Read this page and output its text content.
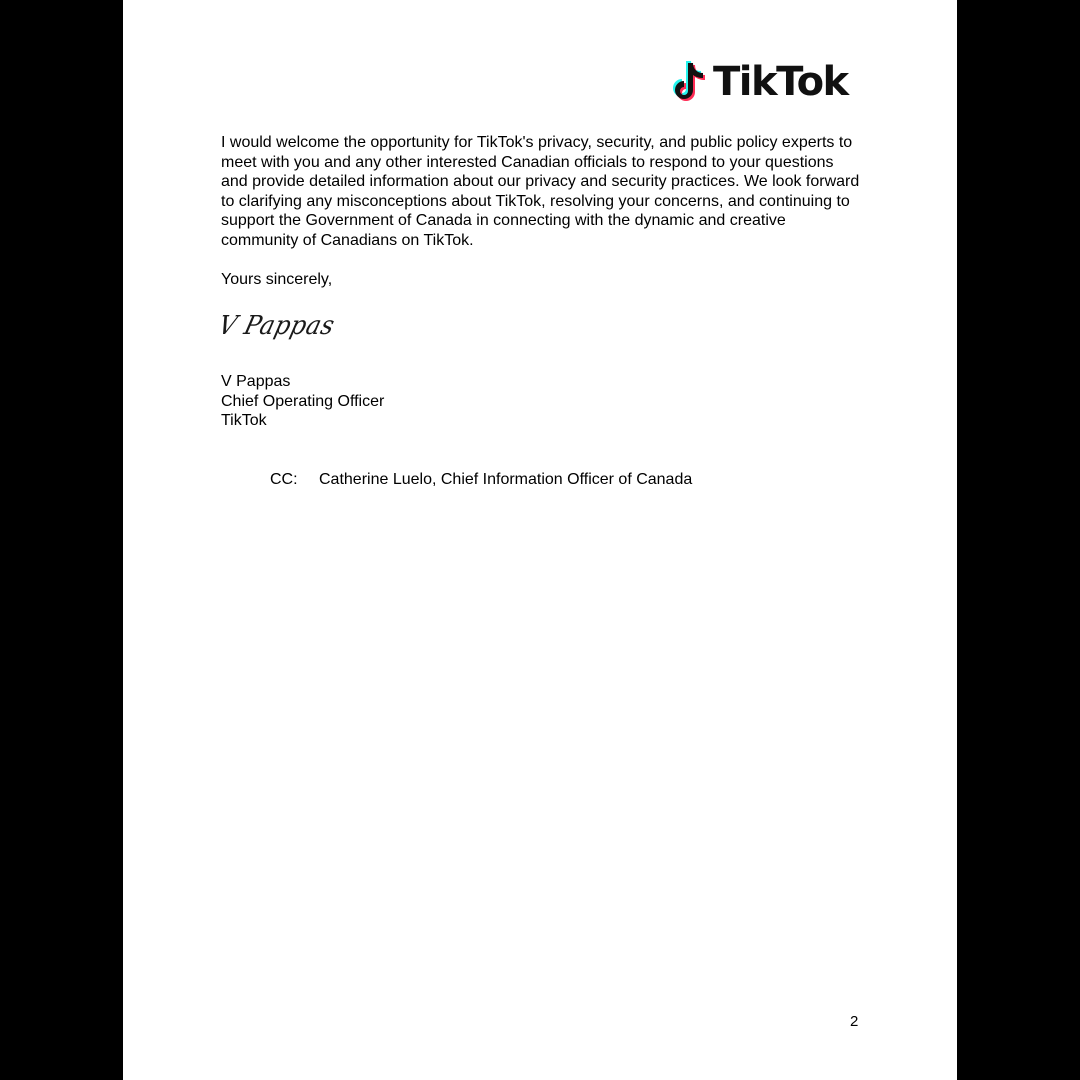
TikTok

I would welcome the opportunity for TikTok's privacy, security, and public policy experts to meet with you and any other interested Canadian officials to respond to your questions and provide detailed information about our privacy and security practices. We look forward to clarifying any misconceptions about TikTok, resolving your concerns, and continuing to support the Government of Canada in connecting with the dynamic and creative community of Canadians on TikTok.

Yours sincerely,

V Pappas
V Pappas
Chief Operating Officer
TikTok
CC: Catherine Luelo, Chief Information Officer of Canada
2
